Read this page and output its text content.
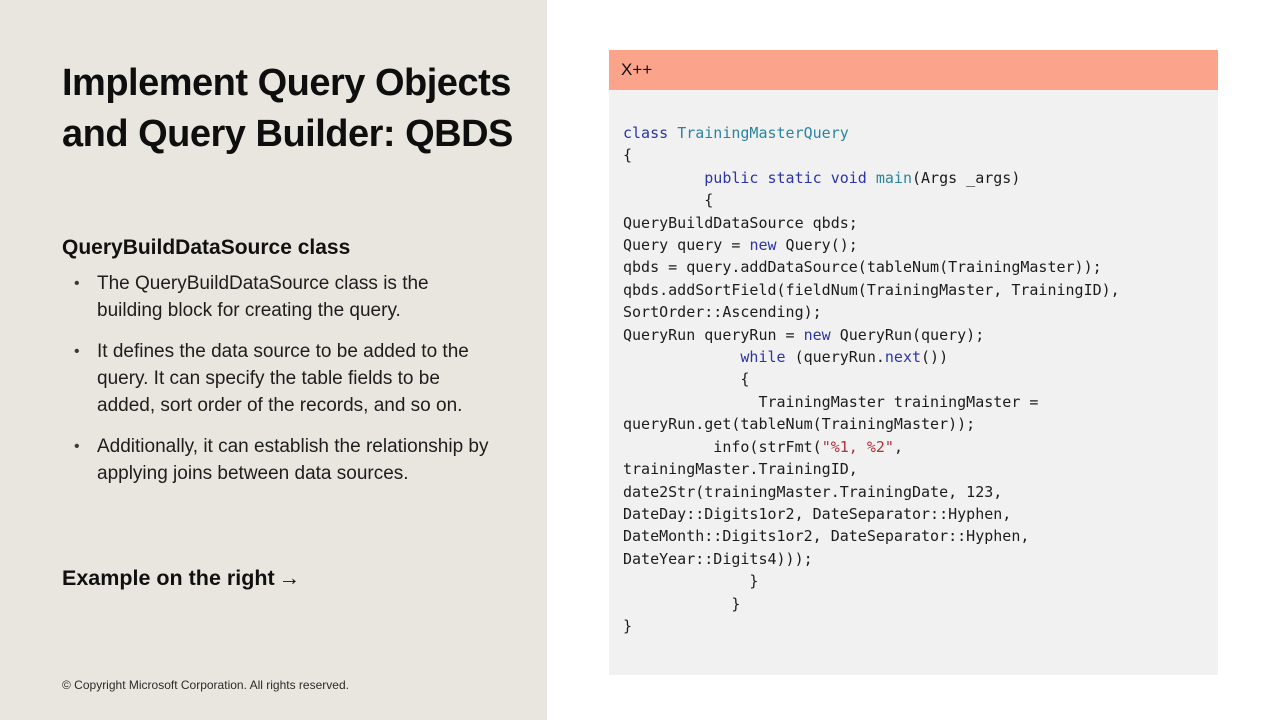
Implement Query Objects and Query Builder: QBDS
QueryBuildDataSource class
• The QueryBuildDataSource class is the building block for creating the query.
• It defines the data source to be added to the query. It can specify the table fields to be added, sort order of the records, and so on.
• Additionally, it can establish the relationship by applying joins between data sources.
Example on the right →
© Copyright Microsoft Corporation. All rights reserved.
X++
class TrainingMasterQuery
{
public static void main(Args _args)
{
QueryBuildDataSource qbds;
Query query = new Query();
qbds = query.addDataSource(tableNum(TrainingMaster));
qbds.addSortField(fieldNum(TrainingMaster, TrainingID),
SortOrder::Ascending);
QueryRun queryRun = new QueryRun(query);
while (queryRun.next())
{
TrainingMaster trainingMaster =
queryRun.get(tableNum(TrainingMaster));
info(strFmt("%1, %2",
trainingMaster.TrainingID,
date2Str(trainingMaster.TrainingDate, 123,
DateDay::Digits1or2, DateSeparator::Hyphen,
DateMonth::Digits1or2, DateSeparator::Hyphen,
DateYear::Digits4)));
}
}
}
